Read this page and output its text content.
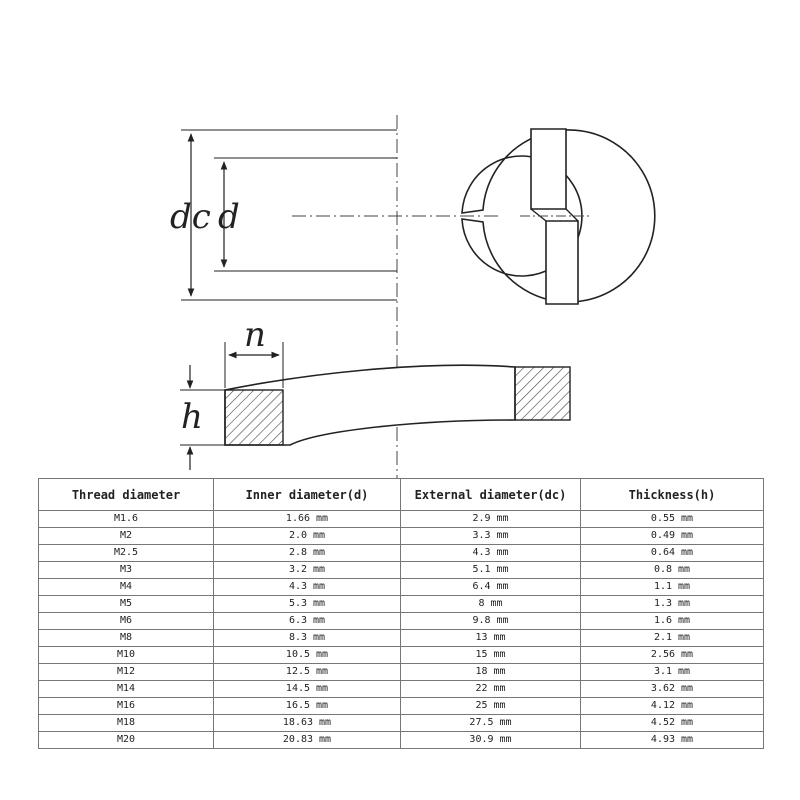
dc d
n
h
Thread diameter	Inner diameter(d)	External diameter(dc)	Thickness(h)
M1.6	1.66 mm	2.9 mm	0.55 mm
M2	2.0 mm	3.3 mm	0.49 mm
M2.5	2.8 mm	4.3 mm	0.64 mm
M3	3.2 mm	5.1 mm	0.8 mm
M4	4.3 mm	6.4 mm	1.1 mm
M5	5.3 mm	8 mm	1.3 mm
M6	6.3 mm	9.8 mm	1.6 mm
M8	8.3 mm	13 mm	2.1 mm
M10	10.5 mm	15 mm	2.56 mm
M12	12.5 mm	18 mm	3.1 mm
M14	14.5 mm	22 mm	3.62 mm
M16	16.5 mm	25 mm	4.12 mm
M18	18.63 mm	27.5 mm	4.52 mm
M20	20.83 mm	30.9 mm	4.93 mm
